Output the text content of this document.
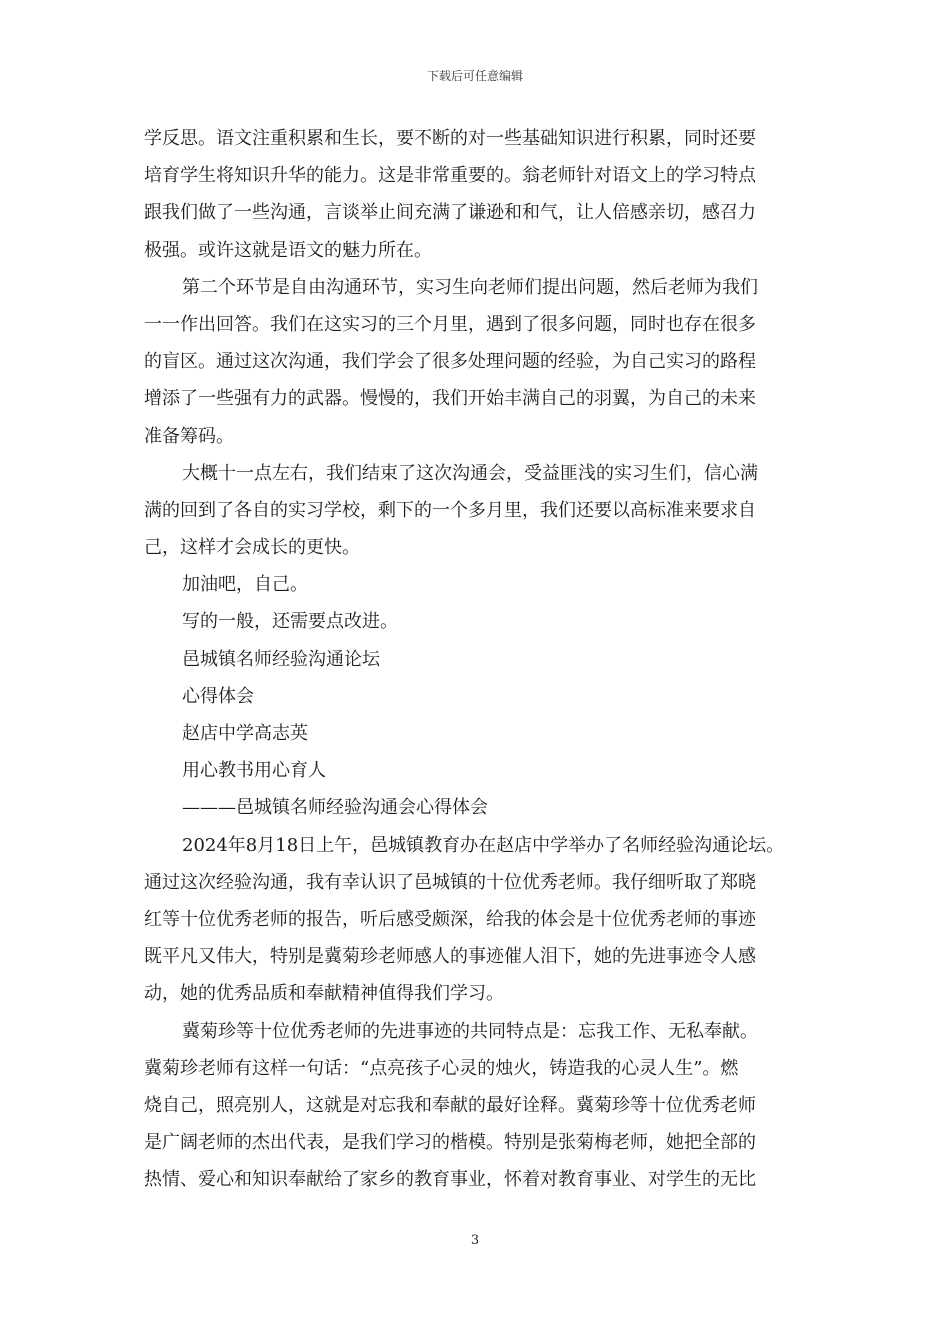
下载后可任意编辑
学反思。语文注重积累和生长，要不断的对一些基础知识进行积累，同时还要
培育学生将知识升华的能力。这是非常重要的。翁老师针对语文上的学习特点
跟我们做了一些沟通，言谈举止间充满了谦逊和和气，让人倍感亲切，感召力
极强。或许这就是语文的魅力所在。
第二个环节是自由沟通环节，实习生向老师们提出问题，然后老师为我们
一一作出回答。我们在这实习的三个月里，遇到了很多问题，同时也存在很多
的盲区。通过这次沟通，我们学会了很多处理问题的经验，为自己实习的路程
增添了一些强有力的武器。慢慢的，我们开始丰满自己的羽翼，为自己的未来
准备筹码。
大概十一点左右，我们结束了这次沟通会，受益匪浅的实习生们，信心满
满的回到了各自的实习学校，剩下的一个多月里，我们还要以高标准来要求自
己，这样才会成长的更快。
加油吧，自己。
写的一般，还需要点改进。
邑城镇名师经验沟通论坛
心得体会
赵店中学高志英
用心教书用心育人
———邑城镇名师经验沟通会心得体会
2024年8月18日上午，邑城镇教育办在赵店中学举办了名师经验沟通论坛。
通过这次经验沟通，我有幸认识了邑城镇的十位优秀老师。我仔细听取了郑晓
红等十位优秀老师的报告，听后感受颇深，给我的体会是十位优秀老师的事迹
既平凡又伟大，特别是冀菊珍老师感人的事迹催人泪下，她的先进事迹令人感
动，她的优秀品质和奉献精神值得我们学习。
冀菊珍等十位优秀老师的先进事迹的共同特点是：忘我工作、无私奉献。
冀菊珍老师有这样一句话：“点亮孩子心灵的烛火，铸造我的心灵人生”。燃
烧自己，照亮别人，这就是对忘我和奉献的最好诠释。冀菊珍等十位优秀老师
是广阔老师的杰出代表，是我们学习的楷模。特别是张菊梅老师，她把全部的
热情、爱心和知识奉献给了家乡的教育事业，怀着对教育事业、对学生的无比
3
